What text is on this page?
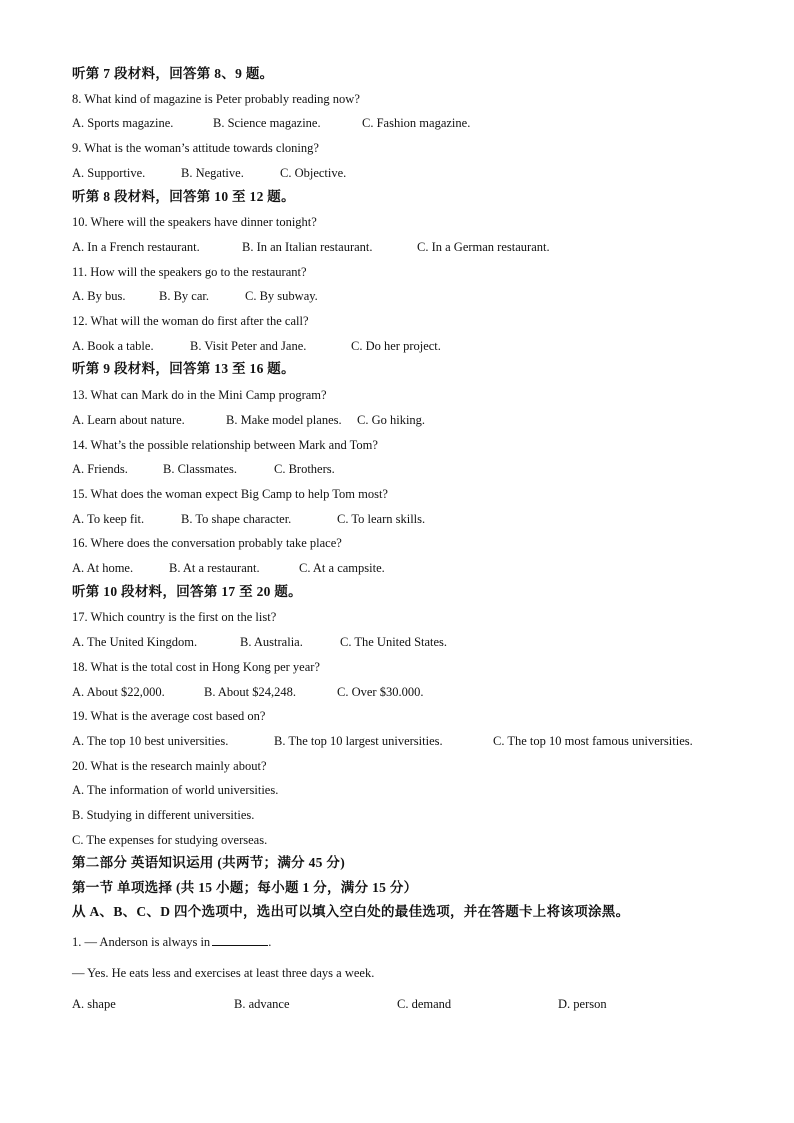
听第 7 段材料，回答第 8、9 题。
8. What kind of magazine is Peter probably reading now?
A. Sports magazine.	B. Science magazine.	C. Fashion magazine.
9. What is the woman’s attitude towards cloning?
A. Supportive.	B. Negative.	C. Objective.
听第 8 段材料，回答第 10 至 12 题。
10. Where will the speakers have dinner tonight?
A. In a French restaurant.	B. In an Italian restaurant.	C. In a German restaurant.
11. How will the speakers go to the restaurant?
A. By bus.	B. By car.	C. By subway.
12. What will the woman do first after the call?
A. Book a table.	B. Visit Peter and Jane.	C. Do her project.
听第 9 段材料，回答第 13 至 16 题。
13. What can Mark do in the Mini Camp program?
A. Learn about nature.	B. Make model planes. C. Go hiking.
14. What’s the possible relationship between Mark and Tom?
A. Friends.	B. Classmates.	C. Brothers.
15. What does the woman expect Big Camp to help Tom most?
A. To keep fit.	B. To shape character.	C. To learn skills.
16. Where does the conversation probably take place?
A. At home.	B. At a restaurant.	C. At a campsite.
听第 10 段材料，回答第 17 至 20 题。
17. Which country is the first on the list?
A. The United Kingdom.	B. Australia.	C. The United States.
18. What is the total cost in Hong Kong per year?
A. About $22,000.	B. About $24,248.	C. Over $30.000.
19. What is the average cost based on?
A. The top 10 best universities.	B. The top 10 largest universities.	C. The top 10 most famous universities.
20. What is the research mainly about?
A. The information of world universities.
B. Studying in different universities.
C. The expenses for studying overseas.
第二部分 英语知识运用 (共两节；满分 45 分)
第一节 单项选择 (共 15 小题；每小题 1 分，满分 15 分）
从 A、B、C、D 四个选项中，选出可以填入空白处的最佳选项，并在答题卡上将该项涂黑。
1. — Anderson is always in	.
— Yes. He eats less and exercises at least three days a week.
A. shape	B. advance	C. demand	D. person
